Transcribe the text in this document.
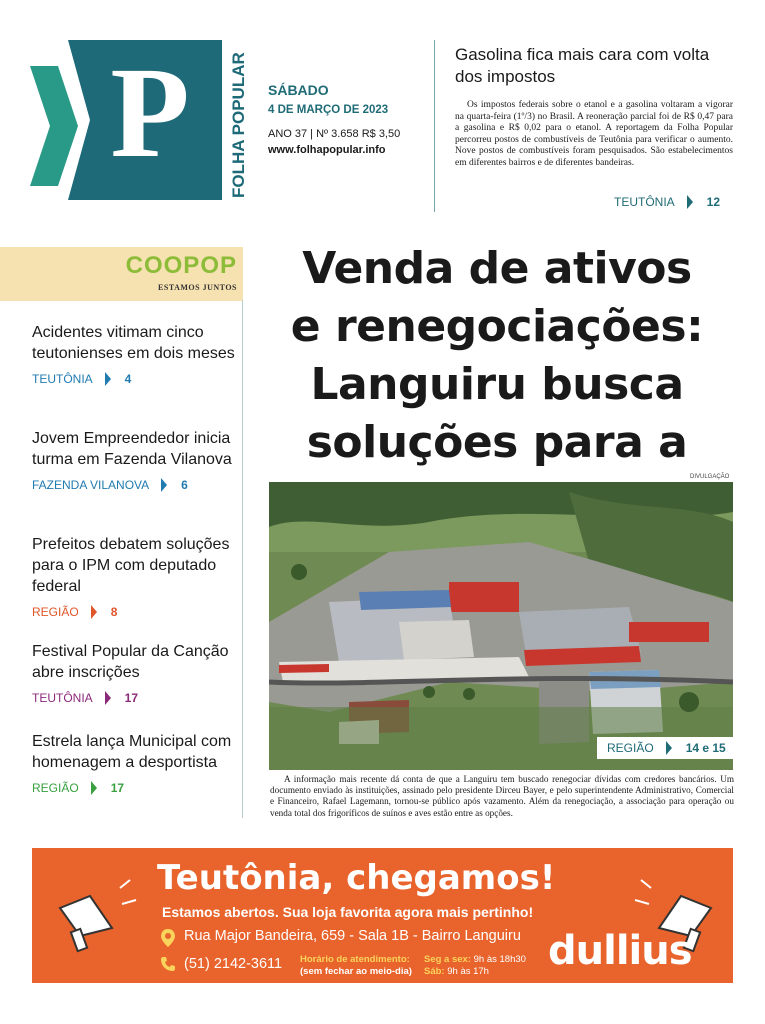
P FOLHA POPULAR SÁBADO
4 DE MARÇO DE 2023
ANO 37 | Nº 3.658 R$ 3,50
www.folhapopular.info
Gasolina fica mais cara com volta dos impostos
Os impostos federais sobre o etanol e a gasolina voltaram a vigorar na quarta-feira (1º/3) no Brasil. A reoneração parcial foi de R$ 0,47 para a gasolina e R$ 0,02 para o etanol. A reportagem da Folha Popular percorreu postos de combustíveis de Teutônia para verificar o aumento. Nove postos de combustíveis foram pesquisados. São estabelecimentos em diferentes bairros e de diferentes bandeiras.
TEUTÔNIA	12
COOPOP
ESTAMOS JUNTOS
Acidentes vitimam cinco teutonienses em dois meses
TEUTÔNIA	4
Jovem Empreendedor inicia turma em Fazenda Vilanova
FAZENDA VILANOVA	6
Prefeitos debatem soluções para o IPM com deputado federal
REGIÃO	8
Festival Popular da Canção abre inscrições
TEUTÔNIA	17
Estrela lança Municipal com homenagem a desportista
REGIÃO	17
Venda de ativos
e renegociações:
Languiru busca
soluções para a
DIVULGAÇÃO
REGIÃO	14 e 15
A informação mais recente dá conta de que a Languiru tem buscado renegociar dívidas com credores bancários. Um documento enviado às instituições, assinado pelo presidente Dirceu Bayer, e pelo superintendente Administrativo, Comercial e Financeiro, Rafael Lagemann, tornou-se público após vazamento. Além da renegociação, a associação para operação ou venda total dos frigoríficos de suínos e aves estão entre as opções.
Teutônia, chegamos!
Estamos abertos. Sua loja favorita agora mais pertinho!
Rua Major Bandeira, 659 - Sala 1B - Bairro Languiru
(51) 2142-3611 Horário de atendimento:
(sem fechar ao meio-dia)
Seg a sex: 9h às 18h30
Sáb: 9h às 17h	dullius
